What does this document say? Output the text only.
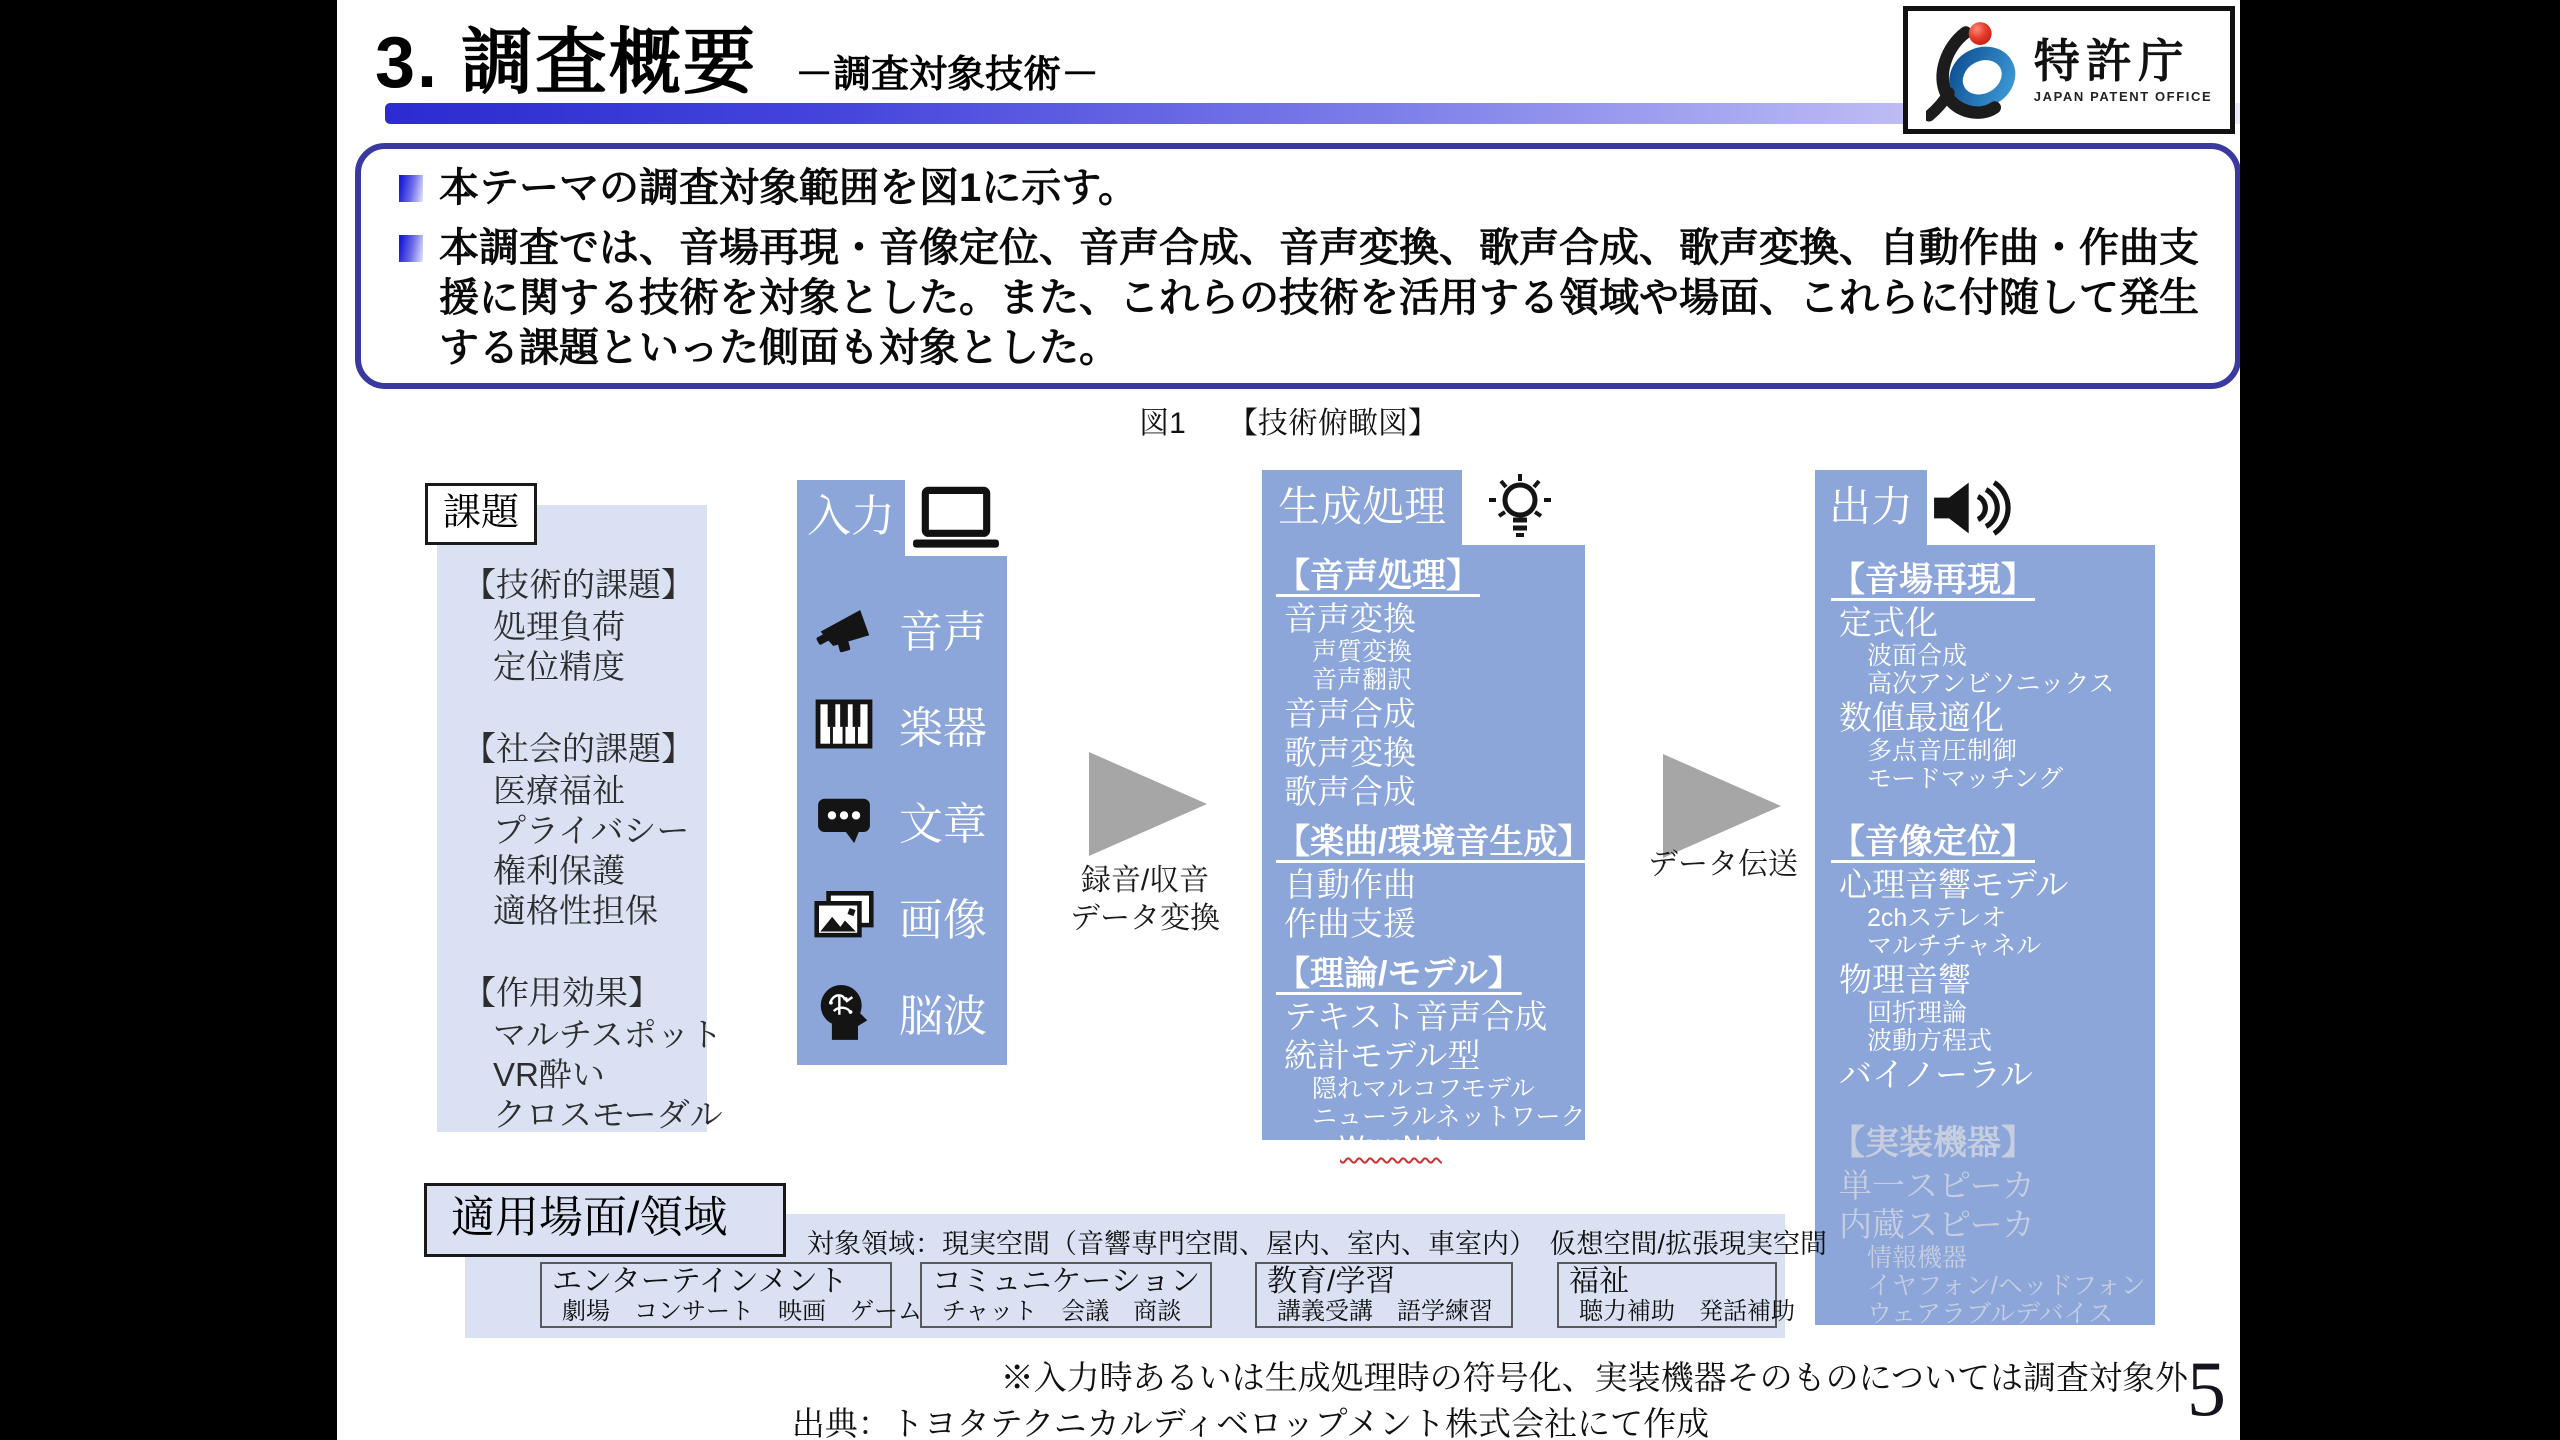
3. 調査概要 －調査対象技術－	特許庁
JAPAN PATENT OFFICE
本テーマの調査対象範囲を図1に示す。
本調査では、音場再現・音像定位、音声合成、音声変換、歌声合成、歌声変換、自動作曲・作曲支援に関する技術を対象とした。また、これらの技術を活用する領域や場面、これらに付随して発生する課題といった側面も対象とした。
図1 【技術俯瞰図】
【技術的課題】
処理負荷
定位精度
【社会的課題】
医療福祉
プライバシー
権利保護
適格性担保
【作用効果】
マルチスポット
VR酔い
クロスモーダル
課題	入力
音声
楽器
文章
画像
脳波
録音/収音
データ変換
生成処理
【音声処理】
音声変換
声質変換
音声翻訳
音声合成
歌声変換
歌声合成
【楽曲/環境音生成】
自動作曲
作曲支援
【理論/モデル】
テキスト音声合成
統計モデル型
隠れマルコフモデル
ニューラルネットワーク
WaveNet
データ伝送
出力
【音場再現】
定式化
波面合成
高次アンビソニックス
数値最適化
多点音圧制御
モードマッチング
【音像定位】
心理音響モデル
2chステレオ
マルチチャネル
物理音響
回折理論
波動方程式
バイノーラル
【実装機器】
単一スピーカ
内蔵スピーカ
情報機器
イヤフォン/ヘッドフォン
ウェアラブルデバイス
対象領域：現実空間（音響専門空間、屋内、室内、車室内）　仮想空間/拡張現実空間
エンターテインメント
劇場　コンサート　映画　ゲーム
コミュニケーション
チャット　会議　商談
教育/学習
講義受講　語学練習
福祉
聴力補助　発話補助
適用場面/領域
※入力時あるいは生成処理時の符号化、実装機器そのものについては調査対象外
出典：トヨタテクニカルディベロップメント株式会社にて作成	5
